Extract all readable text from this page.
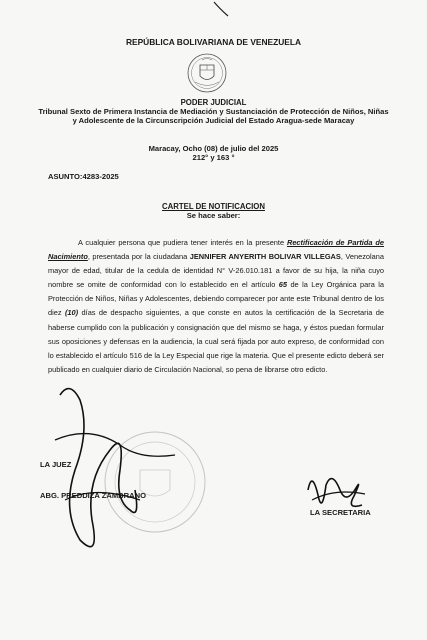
REPÚBLICA BOLIVARIANA DE VENEZUELA
PODER JUDICIAL
Tribunal Sexto de Primera Instancia de Mediación y Sustanciación de Protección de Niños, Niñas y Adolescente de la Circunscripción Judicial del Estado Aragua-sede Maracay
Maracay, Ocho (08) de julio del 2025
212° y 163 °
ASUNTO:4283-2025
CARTEL DE NOTIFICACION
Se hace saber:
A cualquier persona que pudiera tener interés en la presente Rectificación de Partida de Nacimiento, presentada por la ciudadana JENNIFER ANYERITH BOLIVAR VILLEGAS, Venezolana mayor de edad, titular de la cedula de identidad N° V-26.010.181 a favor de su hija, la niña cuyo nombre se omite de conformidad con lo establecido en el artículo 65 de la Ley Orgánica para la Protección de Niños, Niñas y Adolescentes, debiendo comparecer por ante este Tribunal dentro de los diez (10) días de despacho siguientes, a que conste en autos la certificación de la Secretaria de haberse cumplido con la publicación y consignación que del mismo se haga, y éstos puedan formular sus oposiciones y defensas en la audiencia, la cual será fijada por auto expreso, de conformidad con lo establecido el artículo 516 de la Ley Especial que rige la materia. Que el presente edicto deberá ser publicado en cualquier diario de Circulación Nacional, so pena de librarse otro edicto.
LA JUEZ
ABG. PREDDIZA ZAMBRANO
LA SECRETARIA
